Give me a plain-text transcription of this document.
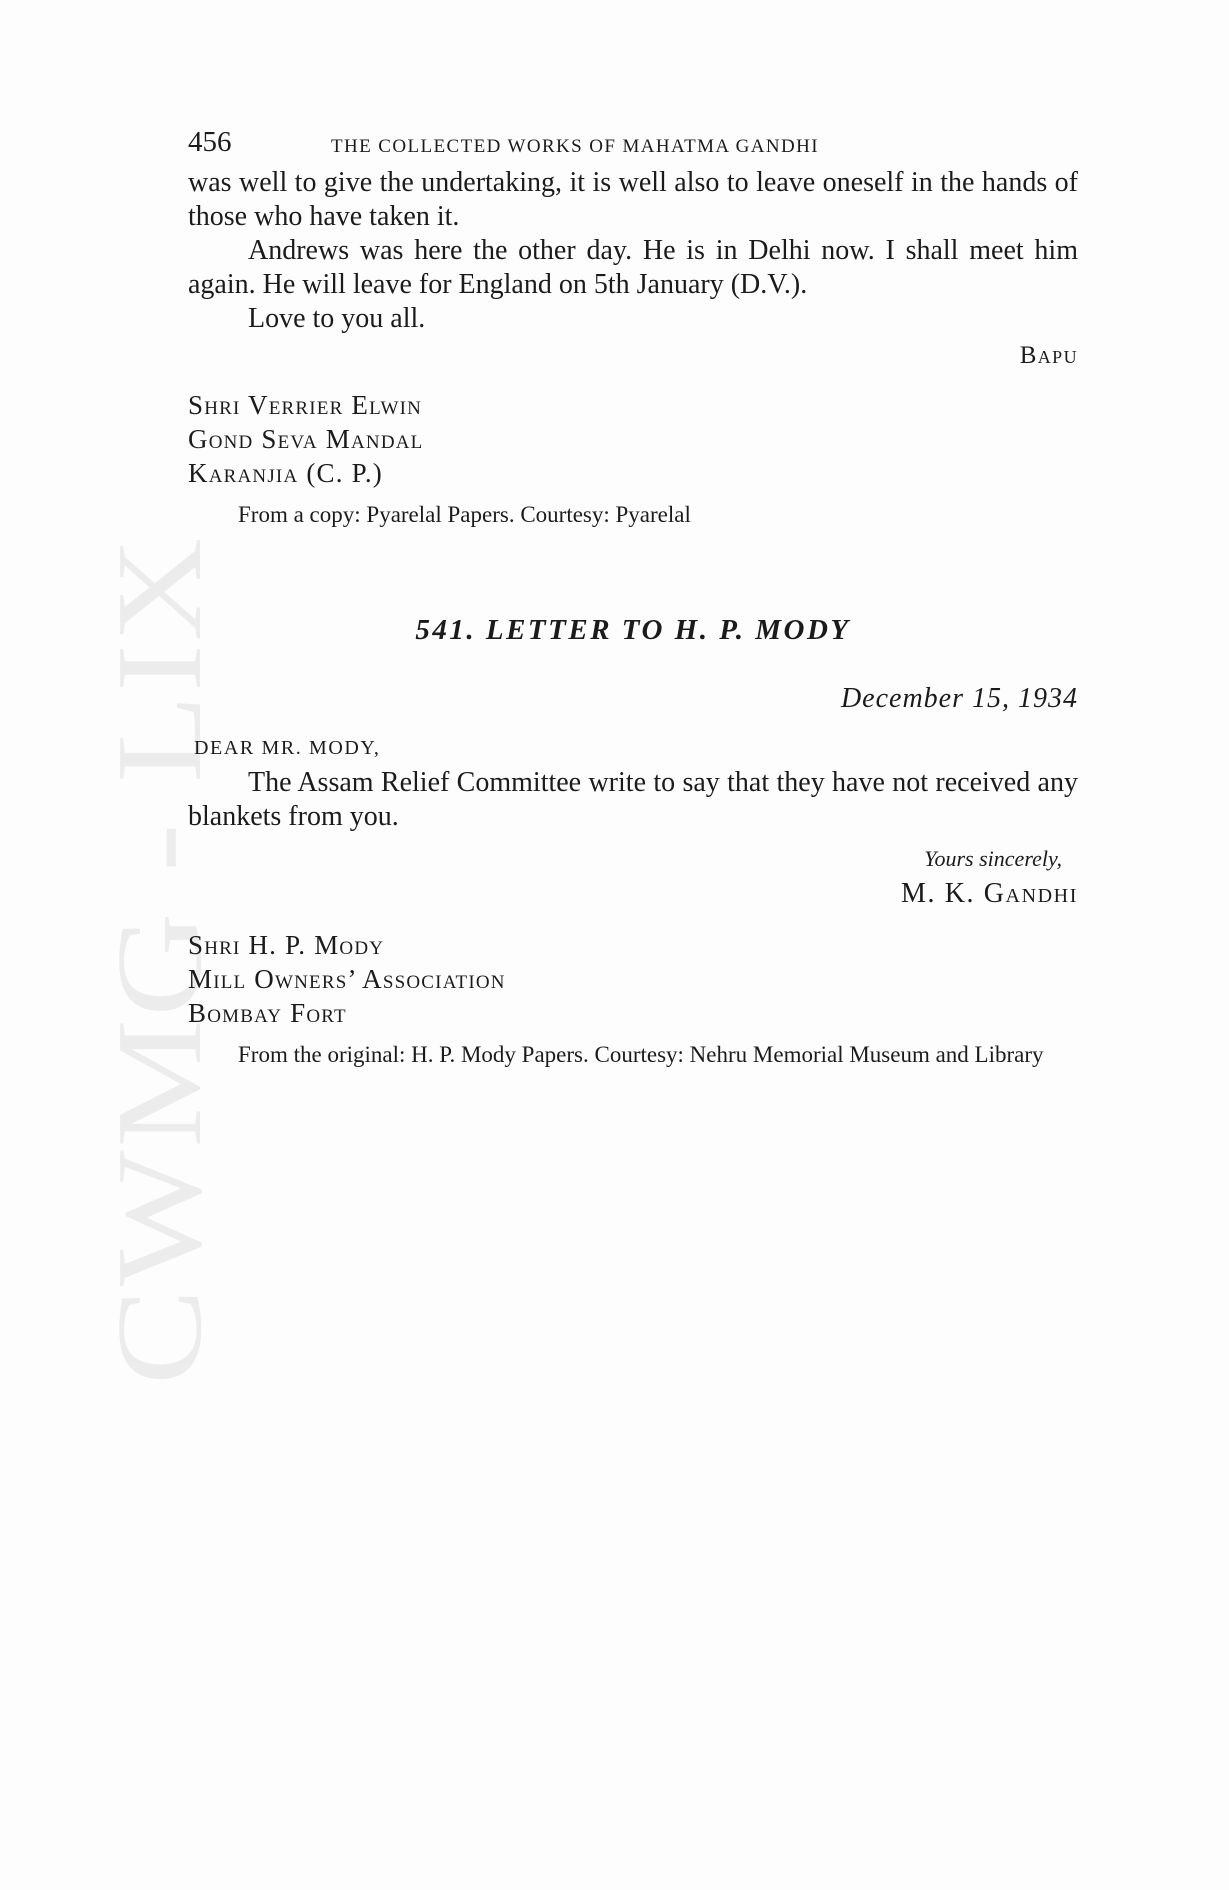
CWMG - LIX
456	THE COLLECTED WORKS OF MAHATMA GANDHI

was well to give the undertaking, it is well also to leave oneself in the hands of those who have taken it.

Andrews was here the other day. He is in Delhi now. I shall meet him again. He will leave for England on 5th January (D.V.).

Love to you all.

Bapu
Shri Verrier Elwin
Gond Seva Mandal
Karanjia (C. P.)

From a copy: Pyarelal Papers. Courtesy: Pyarelal

541. LETTER TO H. P. MODY
December 15, 1934
DEAR MR. MODY,

The Assam Relief Committee write to say that they have not received any blankets from you.

Yours sincerely,
M. K. Gandhi
Shri H. P. Mody
Mill Owners’ Association
Bombay Fort

From the original: H. P. Mody Papers. Courtesy: Nehru Memorial Museum and Library
